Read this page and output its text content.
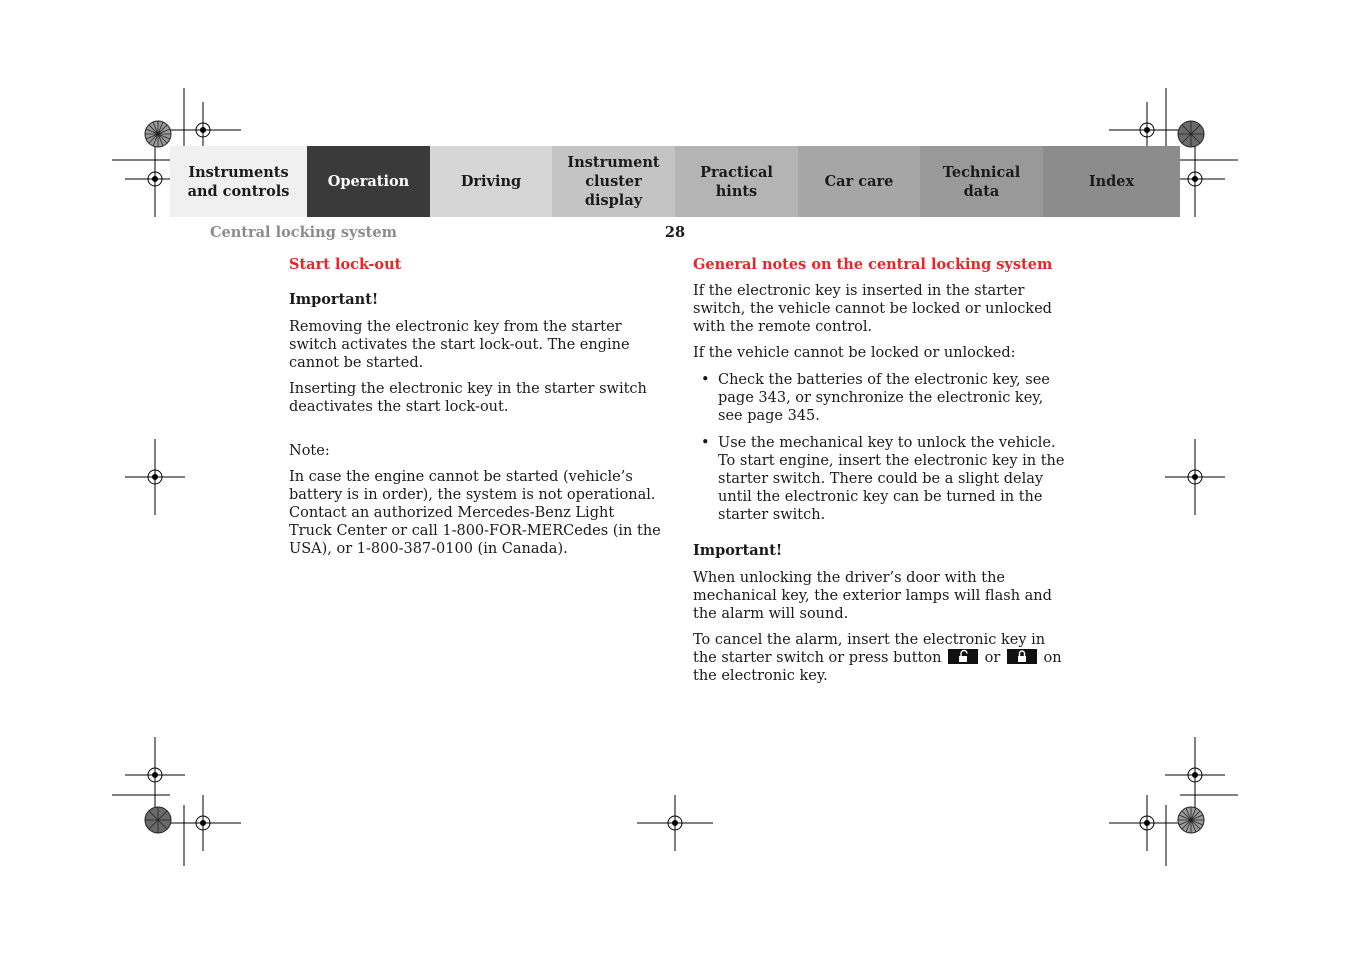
Instruments
and controls
Operation	Driving
Instrument
cluster display
Practical hints
Car care
Technical
data
Index
Central locking system	28
Start lock-out
Important!

Removing the electronic key from the starter switch activates the start lock-out. The engine cannot be started.

Inserting the electronic key in the starter switch deactivates the start lock-out.

Note:

In case the engine cannot be started (vehicle’s battery is in order), the system is not operational. Contact an authorized Mercedes-Benz Light Truck Center or call 1-800-FOR-MERCedes (in the USA), or 1-800-387-0100 (in Canada).

General notes on the central locking system

If the electronic key is inserted in the starter switch, the vehicle cannot be locked or unlocked with the remote control.

If the vehicle cannot be locked or unlocked:

• Check the batteries of the electronic key, see page 343, or synchronize the electronic key, see page 345.
• Use the mechanical key to unlock the vehicle. To start engine, insert the electronic key in the starter switch. There could be a slight delay until the electronic key can be turned in the starter switch.
Important!

When unlocking the driver’s door with the mechanical key, the exterior lamps will flash and the alarm will sound.

To cancel the alarm, insert the electronic key in the starter switch or press button	or	on the electronic key.
